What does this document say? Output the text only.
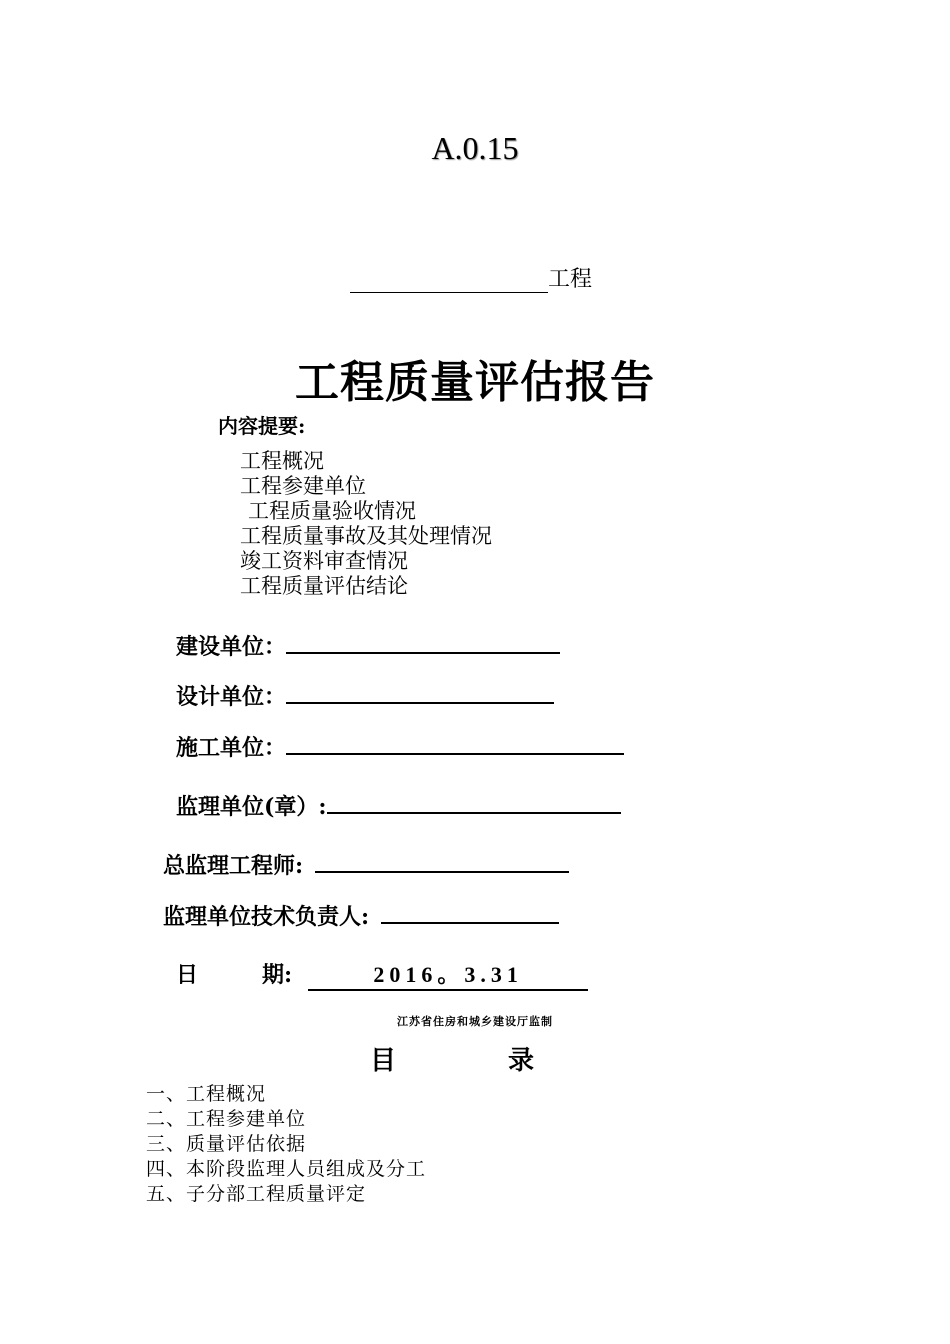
A.0.15
工程
工程质量评估报告
内容提要:
工程概况
工程参建单位
工程质量验收情况
工程质量事故及其处理情况
竣工资料审查情况
工程质量评估结论
建设单位：
设计单位：
施工单位：
监理单位(章）:
总监理工程师:
监理单位技术负责人:
日	期:	2016。3.31
江苏省住房和城乡建设厅监制
目	录
一、工程概况
二、工程参建单位
三、质量评估依据
四、本阶段监理人员组成及分工
五、子分部工程质量评定
